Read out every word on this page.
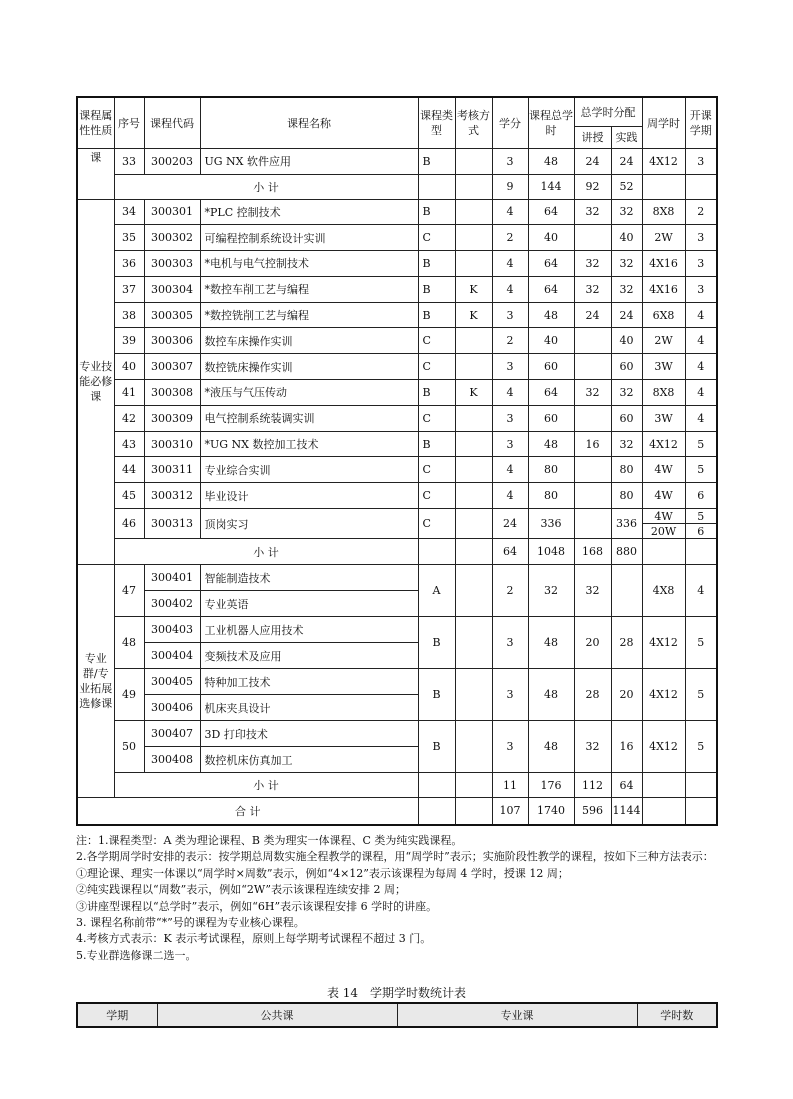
课程属性性质	序号	课程代码	课程名称	课程类型	考核方式	学分	课程总学时	总学时分配		周学时	开课学期
								讲授	实践		
课	33	300203	UG NX 软件应用	B		3	48	24	24	4X12	3
	小 计					9	144	92	52		
专业技能必修课	34	300301	*PLC 控制技术	B		4	64	32	32	8X8	2
	35	300302	可编程控制系统设计实训	C		2	40		40	2W	3
	36	300303	*电机与电气控制技术	B		4	64	32	32	4X16	3
	37	300304	*数控车削工艺与编程	B	K	4	64	32	32	4X16	3
	38	300305	*数控铣削工艺与编程	B	K	3	48	24	24	6X8	4
	39	300306	数控车床操作实训	C		2	40		40	2W	4
	40	300307	数控铣床操作实训	C		3	60		60	3W	4
	41	300308	*液压与气压传动	B	K	4	64	32	32	8X8	4
	42	300309	电气控制系统装调实训	C		3	60		60	3W	4
	43	300310	*UG NX 数控加工技术	B		3	48	16	32	4X12	5
	44	300311	专业综合实训	C		4	80		80	4W	5
	45	300312	毕业设计	C		4	80		80	4W	6
	46	300313	顶岗实习	C		24	336		336	4W	5
										20W	6
	小 计					64	1048	168	880		
专业群/专业拓展选修课	47	300401	智能制造技术	A		2	32	32		4X8	4
		300402	专业英语								
	48	300403	工业机器人应用技术	B		3	48	20	28	4X12	5
		300404	变频技术及应用								
	49	300405	特种加工技术	B		3	48	28	20	4X12	5
		300406	机床夹具设计								
	50	300407	3D 打印技术	B		3	48	32	16	4X12	5
		300408	数控机床仿真加工								
	小 计					11	176	112	64		
合 计						107	1740	596	1144		

注：1.课程类型：A 类为理论课程、B 类为理实一体课程、C 类为纯实践课程。

2.各学期周学时安排的表示：按学期总周数实施全程教学的课程，用“周学时”表示；实施阶段性教学的课程，按如下三种方法表示：

①理论课、理实一体课以“周学时×周数”表示，例如“4×12”表示该课程为每周 4 学时，授课 12 周；

②纯实践课程以“周数”表示，例如“2W”表示该课程连续安排 2 周；

③讲座型课程以“总学时”表示，例如“6H”表示该课程安排 6 学时的讲座。

3. 课程名称前带“*”号的课程为专业核心课程。

4.考核方式表示：K 表示考试课程，原则上每学期考试课程不超过 3 门。

5.专业群选修课二选一。

表 14　学期学时数统计表
学期	公共课	专业课	学时数
